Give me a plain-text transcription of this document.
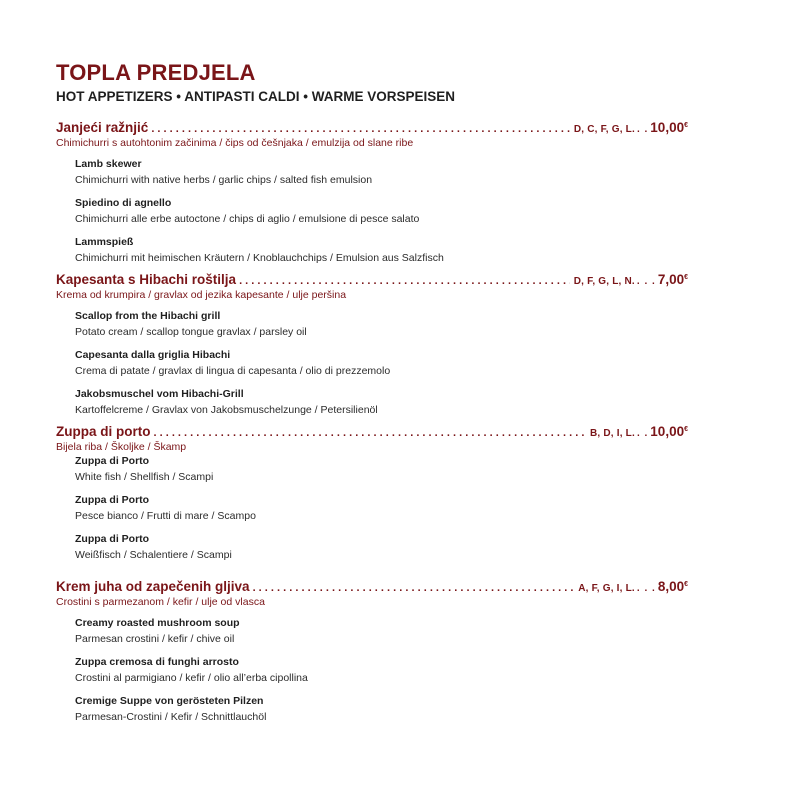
TOPLA PREDJELA
HOT APPETIZERS • ANTIPASTI CALDI • WARME VORSPEISEN
Janjeći ražnjić . . .	D, C, F, G, L. . . 10,00€
Chimichurri s autohtonim začinima / čips od češnjaka / emulzija od slane ribe
Lamb skewer
Chimichurri with native herbs / garlic chips / salted fish emulsion
Spiedino di agnello
Chimichurri alle erbe autoctone / chips di aglio / emulsione di pesce salato
Lammspieß
Chimichurri mit heimischen Kräutern / Knoblauchchips / Emulsion aus Salzfisch
Kapesanta s Hibachi roštilja . . .	D, F, G, L, N. . . . 7,00€
Krema od krumpira / gravlax od jezika kapesante / ulje peršina
Scallop from the Hibachi grill
Potato cream / scallop tongue gravlax / parsley oil
Capesanta dalla griglia Hibachi
Crema di patate / gravlax di lingua di capesanta / olio di prezzemolo
Jakobsmuschel vom Hibachi-Grill
Kartoffelcreme / Gravlax von Jakobsmuschelzunge / Petersilienöl
Zuppa di porto . . .	B, D, I, L. . . 10,00€
Bijela riba / Školjke / Škamp
Zuppa di Porto
White fish / Shellfish / Scampi
Zuppa di Porto
Pesce bianco / Frutti di mare / Scampo
Zuppa di Porto
Weißfisch / Schalentiere / Scampi
Krem juha od zapečenih gljiva . . .	A, F, G, I, L. . . . 8,00€
Crostini s parmezanom / kefir / ulje od vlasca
Creamy roasted mushroom soup
Parmesan crostini / kefir / chive oil
Zuppa cremosa di funghi arrosto
Crostini al parmigiano / kefir / olio all’erba cipollina
Cremige Suppe von gerösteten Pilzen
Parmesan-Crostini / Kefir / Schnittlauchöl
